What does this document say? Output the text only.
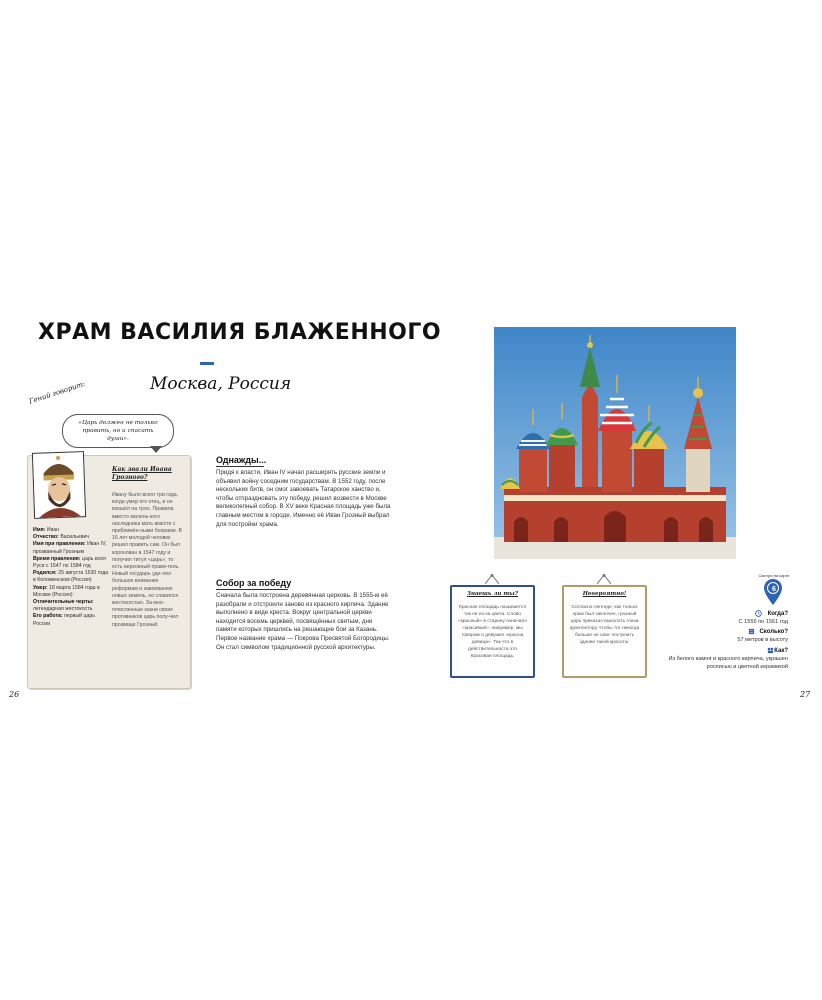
ХРАМ ВАСИЛИЯ БЛАЖЕННОГО
Москва, Россия
Гений говорит:
«Царь должен не только править, но и спасать души».
Как звали Ивана Грозного?
Ивану было всего три года, когда умер его отец, и он взошёл на трон. Правила вместо малень-кого наследника мать вместе с приближён-ными боярами. В 16 лет молодой человек решил править сам. Он был коронован в 1547 году и получил титул «царь», то есть верховный прави-тель. Новый государь уде-лял большое внимание реформам и завоеванию новых земель, но славился жестокостью. За мно-гочисленные казни своих противников царь полу-чил прозвище Грозный.
Имя: Иван
Отчество: Васильевич
Имя при правлении: Иван IV, прозванный Грозным
Время правления: царь всея Руси с 1547 по 1584 год
Родился: 25 августа 1530 года в Коломенском (Россия)
Умер: 18 марта 1584 года в Москве (Россия)
Отличительные черты: легендарная жестокость
Его работа: первый царь России
Однажды...
Придя к власти, Иван IV начал расширять русские земли и объявил войну соседним государствам. В 1552 году, после нескольких битв, он смог завоевать Татарское ханство и, чтобы отпраздновать эту победу, решил возвести в Москве великолепный собор. В XV веке Красная площадь уже была главным местом в городе. Именно её Иван Грозный выбрал для постройки храма.
Собор за победу
Сначала была построена деревянная церковь. В 1555-м её разобрали и отстроили заново из красного кирпича. Здание выполнено в виде креста. Вокруг центральной церкви находится восемь церквей, посвящённых святым, дни памяти которых пришлись на решающие бои за Казань. Первое название храма — Покрова Пресвятой Богородицы. Он стал символом традиционной русской архитектуры.
26
Знаешь ли ты?
Красная площадь называется так не из-за цвета. Слово «красный» в старину означало «красивый», например, мы говорим о девушке «красна девица». Так что в действительности это Красивая площадь.
Невероятно!
Согласно легенде, как только храм был закончен, грозный царь приказал выколоть глаза архитектору, чтобы тот никогда больше не смог построить здание такой красоты.
Смотри на карте
6
Когда?
С 1555 по 1561 год
Сколько?
57 метров в высоту
Как?
Из белого камня и красного кирпича, украшен росписью и цветной керамикой
27
